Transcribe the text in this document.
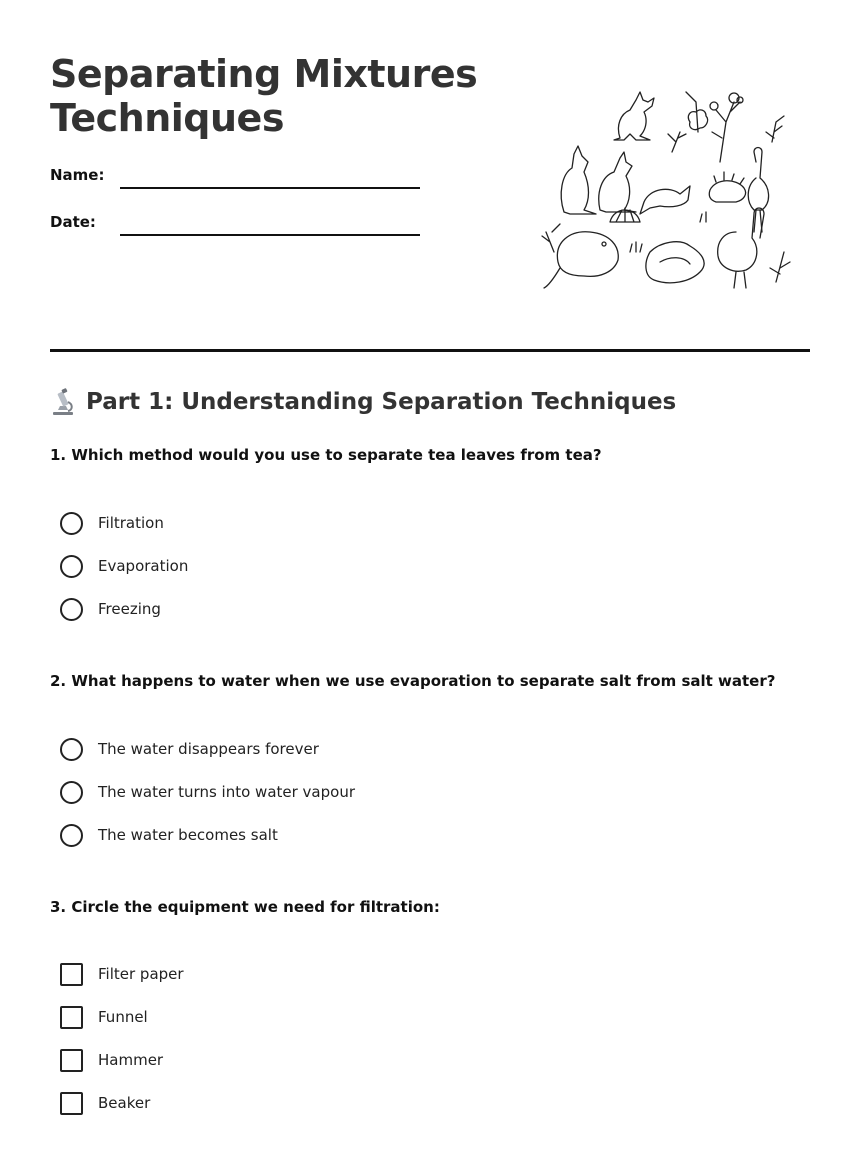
Separating Mixtures
Techniques
Name:
Date:
Part 1: Understanding Separation Techniques
1. Which method would you use to separate tea leaves from tea?
Filtration
Evaporation
Freezing
2. What happens to water when we use evaporation to separate salt from salt water?
The water disappears forever
The water turns into water vapour
The water becomes salt
3. Circle the equipment we need for filtration:
Filter paper
Funnel
Hammer
Beaker
